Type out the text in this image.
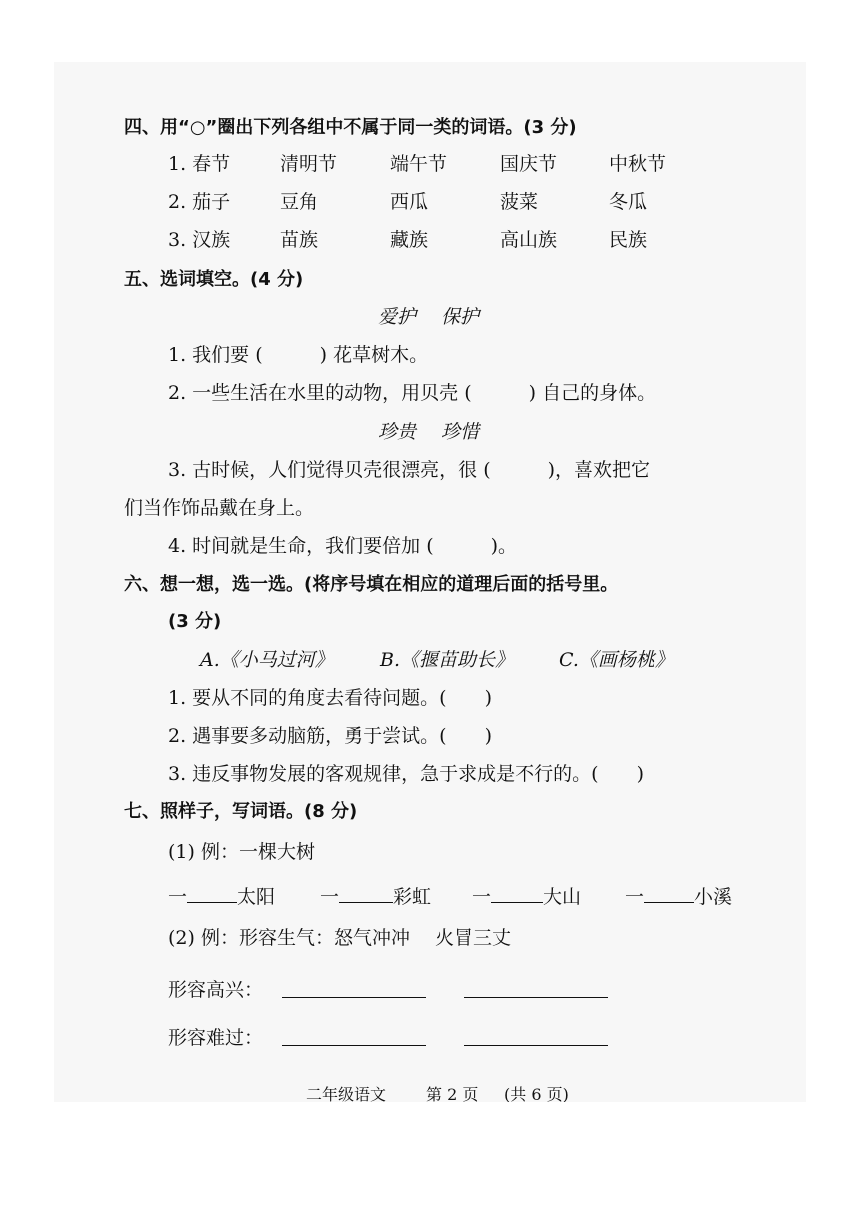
四、用“○”圈出下列各组中不属于同一类的词语。(3 分)
1. 春节	清明节	端午节	国庆节	中秋节
2. 茄子	豆角	西瓜	菠菜	冬瓜
3. 汉族	苗族	藏族	高山族	民族
五、选词填空。(4 分)
爱护　 保护
1. 我们要 (　　　) 花草树木。
2. 一些生活在水里的动物，用贝壳 (　　　) 自己的身体。
珍贵　 珍惜
3. 古时候，人们觉得贝壳很漂亮，很 (　　　)，喜欢把它
们当作饰品戴在身上。
4. 时间就是生命，我们要倍加 (　　　)。
六、想一想，选一选。(将序号填在相应的道理后面的括号里。
(3 分)
A.《小马过河》 B.《揠苗助长》 C.《画杨桃》
1. 要从不同的角度去看待问题。(　　)
2. 遇事要多动脑筋，勇于尝试。(　　)
3. 违反事物发展的客观规律，急于求成是不行的。(　　)
七、照样子，写词语。(8 分)
(1) 例：一棵大树
一	太阳 一	彩虹 一	大山 一	小溪
(2) 例：形容生气：怒气冲冲　 火冒三丈
形容高兴：
形容难过：
二年级语文 第 2 页 (共 6 页)
